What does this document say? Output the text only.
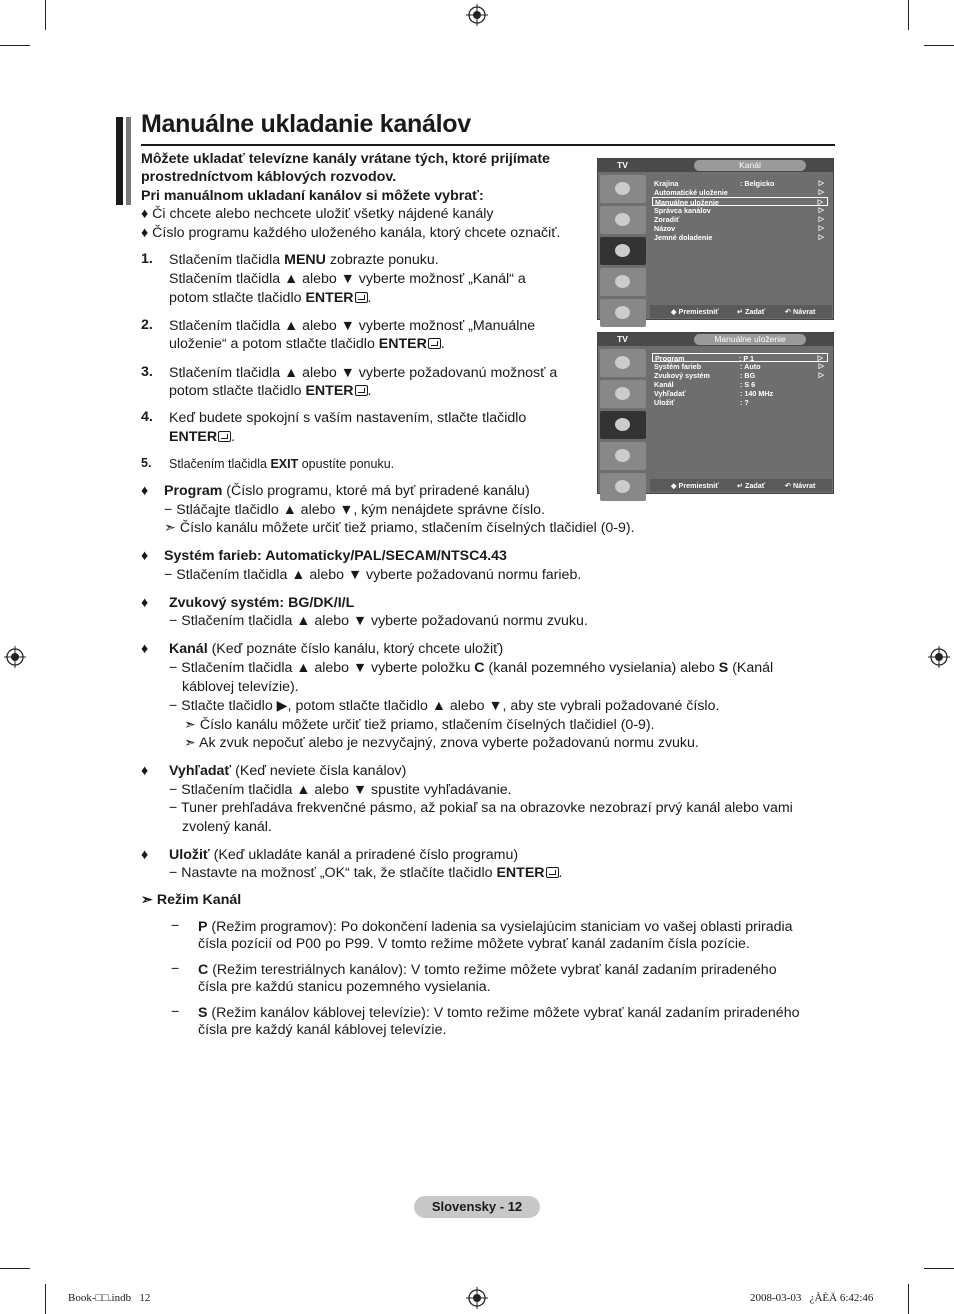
Manuálne ukladanie kanálov
Môžete ukladať televízne kanály vrátane tých, ktoré prijímate
prostredníctvom káblových rozvodov.
Pri manuálnom ukladaní kanálov si môžete vybrať:
♦ Či chcete alebo nechcete uložiť všetky nájdené kanály
♦ Číslo programu každého uloženého kanála, ktorý chcete označiť.
1. Stlačením tlačidla MENU zobrazte ponuku.
Stlačením tlačidla ▲ alebo ▼ vyberte možnosť „Kanál“ a
potom stlačte tlačidlo ENTER .
2. Stlačením tlačidla ▲ alebo ▼ vyberte možnosť „Manuálne
uloženie“ a potom stlačte tlačidlo ENTER .
3. Stlačením tlačidla ▲ alebo ▼ vyberte požadovanú možnosť a
potom stlačte tlačidlo ENTER .
4. Keď budete spokojní s vaším nastavením, stlačte tlačidlo
ENTER .
5. Stlačením tlačidla EXIT opustíte ponuku.
♦ Program (Číslo programu, ktoré má byť priradené kanálu)
− Stláčajte tlačidlo ▲ alebo ▼, kým nenájdete správne číslo.
➣ Číslo kanálu môžete určiť tiež priamo, stlačením číselných tlačidiel (0-9).
♦ Systém farieb: Automaticky/PAL/SECAM/NTSC4.43
− Stlačením tlačidla ▲ alebo ▼ vyberte požadovanú normu farieb.
♦ Zvukový systém: BG/DK/I/L
− Stlačením tlačidla ▲ alebo ▼ vyberte požadovanú normu zvuku.
♦ Kanál (Keď poznáte číslo kanálu, ktorý chcete uložiť)
− Stlačením tlačidla ▲ alebo ▼ vyberte položku C (kanál pozemného vysielania) alebo S (Kanál
káblovej televízie).
− Stlačte tlačidlo ▶, potom stlačte tlačidlo ▲ alebo ▼, aby ste vybrali požadované číslo.
➣ Číslo kanálu môžete určiť tiež priamo, stlačením číselných tlačidiel (0-9).
➣ Ak zvuk nepočuť alebo je nezvyčajný, znova vyberte požadovanú normu zvuku.
♦ Vyhľadať (Keď neviete čísla kanálov)
− Stlačením tlačidla ▲ alebo ▼ spustite vyhľadávanie.
− Tuner prehľadáva frekvenčné pásmo, až pokiaľ sa na obrazovke nezobrazí prvý kanál alebo vami
zvolený kanál.
♦ Uložiť (Keď ukladáte kanál a priradené číslo programu)
− Nastavte na možnosť „OK“ tak, že stlačíte tlačidlo ENTER .
➣ Režim Kanál
− P (Režim programov): Po dokončení ladenia sa vysielajúcim staniciam vo vašej oblasti priradia
čísla pozícií od P00 po P99. V tomto režime môžete vybrať kanál zadaním čísla pozície.
− C (Režim terestriálnych kanálov): V tomto režime môžete vybrať kanál zadaním priradeného
čísla pre každú stanicu pozemného vysielania.
− S (Režim kanálov káblovej televízie): V tomto režime môžete vybrať kanál zadaním priradeného
čísla pre každý kanál káblovej televízie.
TV	Kanál
Krajina	: Belgicko	▷
Automatické uloženie	▷
Manuálne uloženie	▷
Správca kanálov	▷
Zoradiť	▷
Názov	▷
Jemné doladenie	▷
◆ Premiestniť	↵ Zadať	↶ Návrat
TV	Manuálne uloženie
Program	: P 1	▷
Systém farieb	: Auto	▷
Zvukový systém	: BG	▷
Kanál	: S 6
Vyhľadať	: 140 MHz
Uložiť	: ?
◆ Premiestniť	↵ Zadať	↶ Návrat
Slovensky - 12
Book-□□.indb   12	2008-03-03   ¿ÀÈÄ 6:42:46
